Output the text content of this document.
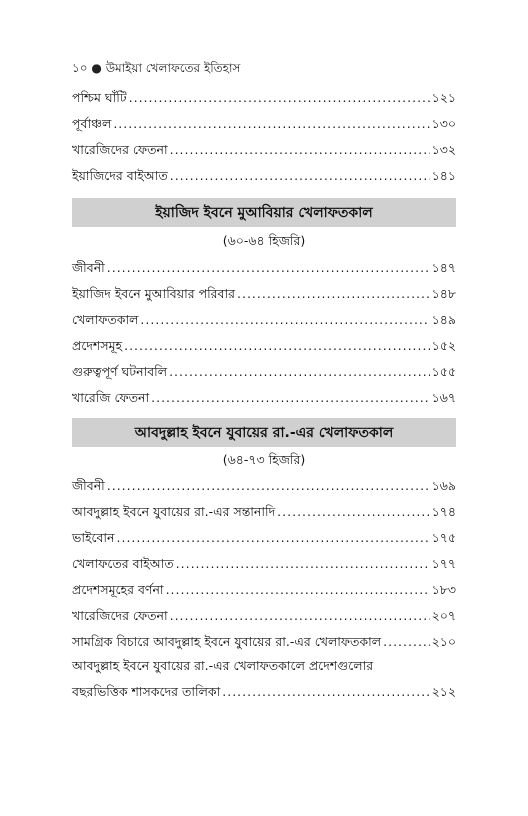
১০ ● উমাইয়া খেলাফতের ইতিহাস
পশ্চিম ঘাঁটি .....	১২১
পূর্বাঞ্চল .....	১৩০
খারেজিদের ফেতনা .....	১৩২
ইয়াজিদের বাইআত .....	১৪১
ইয়াজিদ ইবনে মুআবিয়ার খেলাফতকাল
(৬০-৬৪ হিজরি)
জীবনী .....	১৪৭
ইয়াজিদ ইবনে মুআবিয়ার পরিবার .....	১৪৮
খেলাফতকাল .....	১৪৯
প্রদেশসমূহ .....	১৫২
গুরুত্বপূর্ণ ঘটনাবলি .....	১৫৫
খারেজি ফেতনা .....	১৬৭
আবদুল্লাহ ইবনে যুবায়ের রা.-এর খেলাফতকাল
(৬৪-৭৩ হিজরি)
জীবনী .....	১৬৯
আবদুল্লাহ ইবনে যুবায়ের রা.-এর সন্তানাদি .....	১৭৪
ভাইবোন .....	১৭৫
খেলাফতের বাইআত .....	১৭৭
প্রদেশসমূহের বর্ণনা .....	১৮৩
খারেজিদের ফেতনা .....	২০৭
সামগ্রিক বিচারে আবদুল্লাহ ইবনে যুবায়ের রা.-এর খেলাফতকাল .....	২১০
আবদুল্লাহ ইবনে যুবায়ের রা.-এর খেলাফতকালে প্রদেশগুলোর
বছরভিত্তিক শাসকদের তালিকা .....	২১২
